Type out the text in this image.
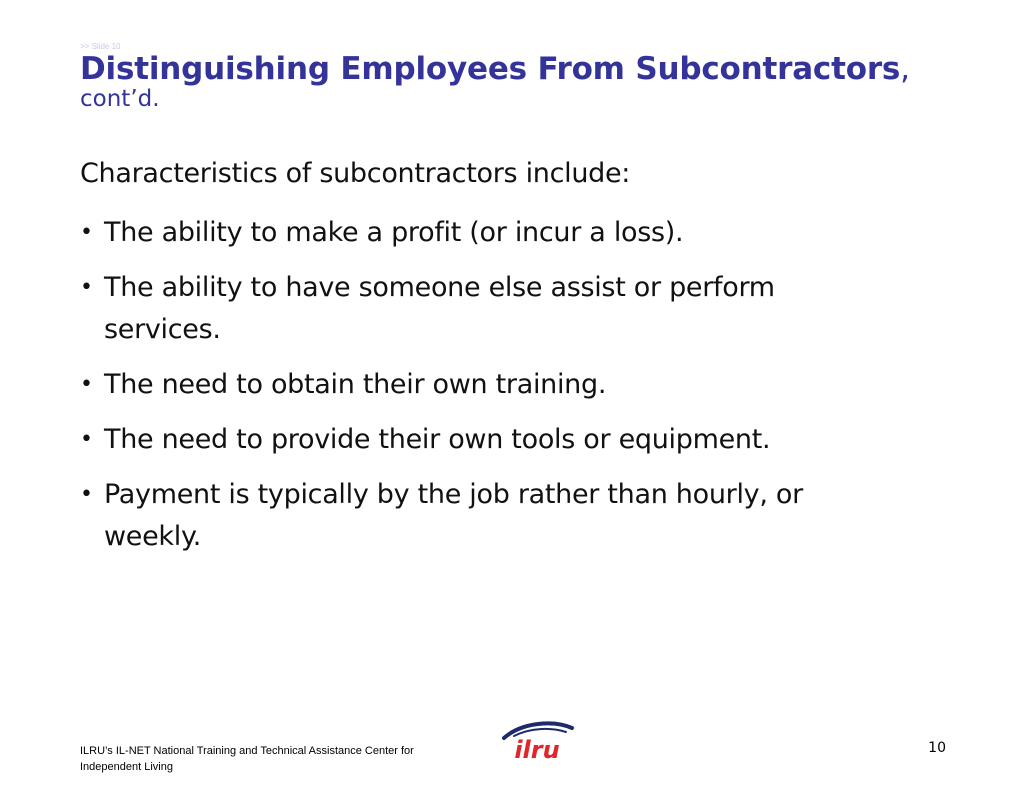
>> Slide 10
Distinguishing Employees From Subcontractors,
cont’d.
Characteristics of subcontractors include:
• The ability to make a profit (or incur a loss).
• The ability to have someone else assist or perform services.
• The need to obtain their own training.
• The need to provide their own tools or equipment.
• Payment is typically by the job rather than hourly, or weekly.
ILRU’s IL-NET National Training and Technical Assistance Center for
Independent Living
ilru	10
